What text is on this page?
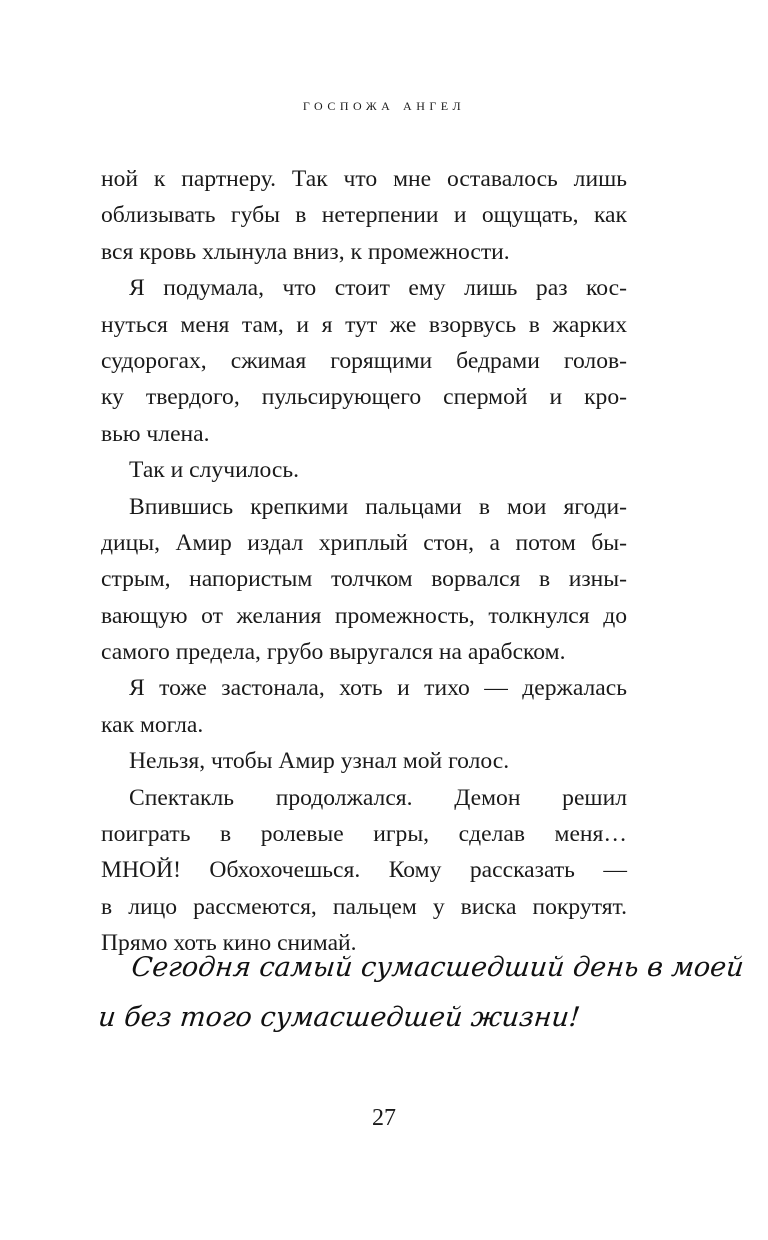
госпожа ангел
ной к партнеру. Так что мне оставалось лишь
облизывать губы в нетерпении и ощущать, как
вся кровь хлынула вниз, к промежности.
Я подумала, что стоит ему лишь раз кос-
нуться меня там, и я тут же взорвусь в жарких
судорогах, сжимая горящими бедрами голов-
ку твердого, пульсирующего спермой и кро-
вью члена.
Так и случилось.
Впившись крепкими пальцами в мои ягоди-
дицы, Амир издал хриплый стон, а потом бы-
стрым, напористым толчком ворвался в изны-
вающую от желания промежность, толкнулся до
самого предела, грубо выругался на арабском.
Я тоже застонала, хоть и тихо — держалась
как могла.
Нельзя, чтобы Амир узнал мой голос.
Спектакль продолжался. Демон решил
поиграть в ролевые игры, сделав меня…
МНОЙ! Обхохочешься. Кому рассказать —
в лицо рассмеются, пальцем у виска покрутят.
Прямо хоть кино снимай.
Сегодня самый сумасшедший день в моей
и без того сумасшедшей жизни!
27
